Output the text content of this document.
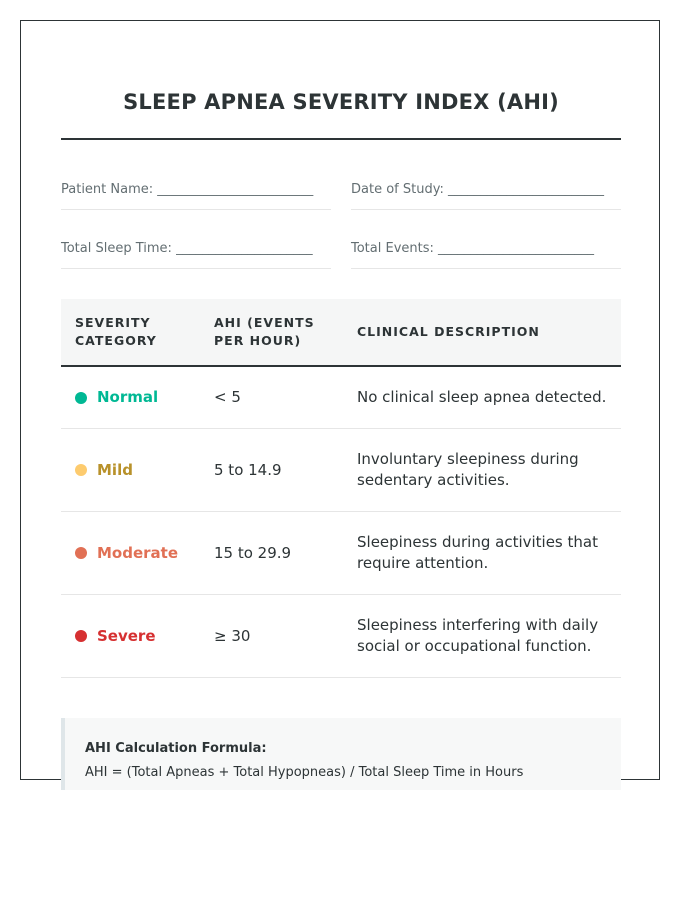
SLEEP APNEA SEVERITY INDEX (AHI)
Patient Name: ________________________	Date of Study: ________________________
Total Sleep Time: _____________________	Total Events: ________________________
SEVERITY CATEGORY	AHI (EVENTS PER HOUR)	CLINICAL DESCRIPTION

Normal	< 5	No clinical sleep apnea detected.

Mild	5 to 14.9	Involuntary sleepiness during sedentary activities.

Moderate	15 to 29.9	Sleepiness during activities that require attention.

Severe	≥ 30	Sleepiness interfering with daily social or occupational function.
AHI Calculation Formula:
AHI = (Total Apneas + Total Hypopneas) / Total Sleep Time in Hours
